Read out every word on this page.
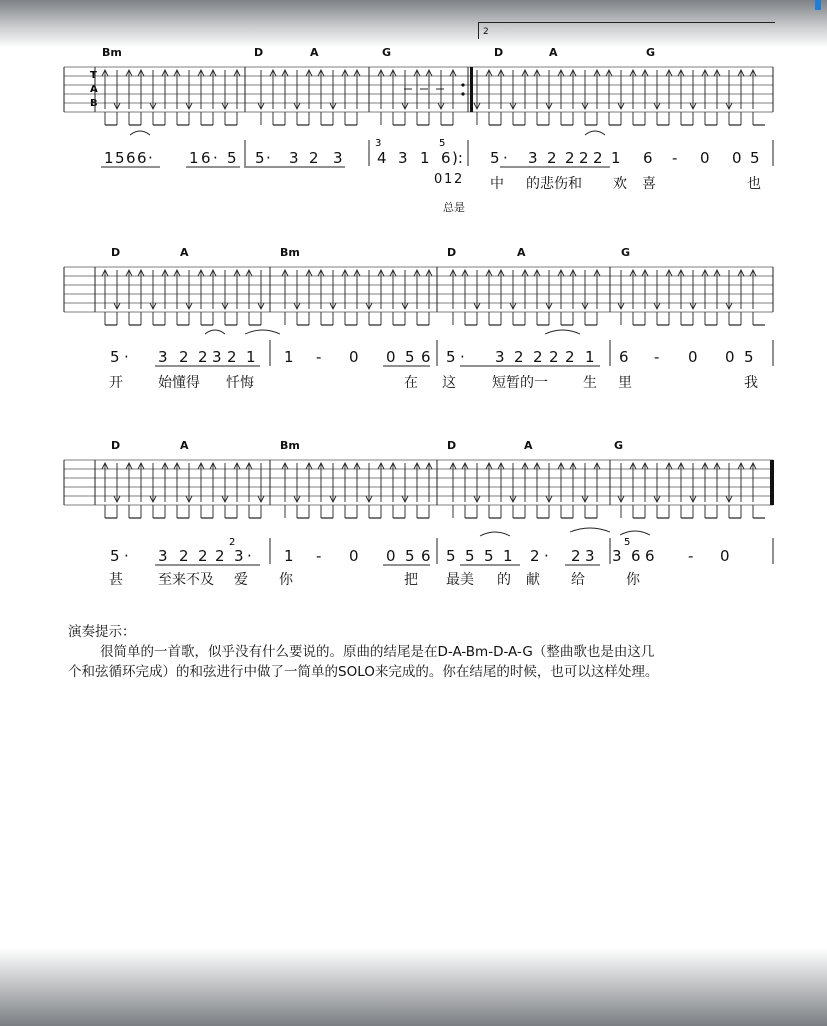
2
T
A
B
Bm	D	A	G	D	A	G
1 5 6 6 · 1 6 · 5 5 · 3 2 3 4 3 1 6 ): 5 · 3 2 2 2 2 1 6 - 0 0 5
3	5
0 1 2 中 的悲伤和 欢 喜	也
总是
D	A	Bm	D	A	G
5 · 3 2 2 3 2 1 1 - 0 0 5 6 5 · 3 2 2 2 2 1 6 - 0 0 5
开	始懂得 忏悔	在 这	短暂的一	生 里	我
D	A	Bm	D	A	G
5 · 3 2 2 2 3 · 1 - 0 0 5 6 5 5 5 1 2 · 2 3 3 6 6 - 0
2	5
甚	至来不及 爱 你	把 最美 的 献 给	你
演奏提示：
很简单的一首歌，似乎没有什么要说的。原曲的结尾是在D-A-Bm-D-A-G（整曲歌也是由这几
个和弦循环完成）的和弦进行中做了一简单的SOLO来完成的。你在结尾的时候，也可以这样处理。
